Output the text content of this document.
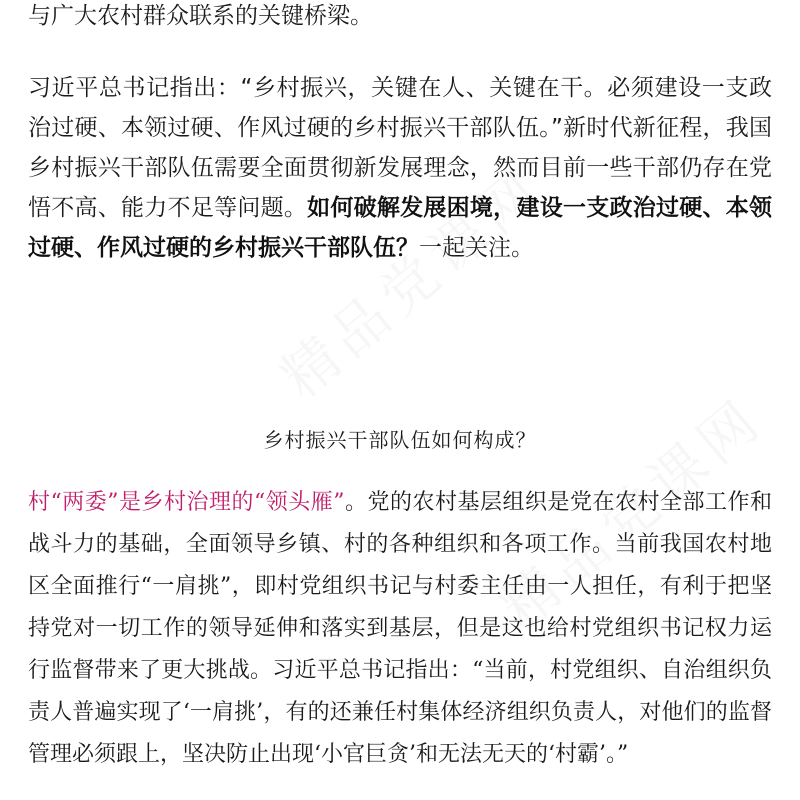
与广大农村群众联系的关键桥梁。

习近平总书记指出：“乡村振兴，关键在人、关键在干。必须建设一支政治过硬、本领过硬、作风过硬的乡村振兴干部队伍。”新时代新征程，我国乡村振兴干部队伍需要全面贯彻新发展理念，然而目前一些干部仍存在党悟不高、能力不足等问题。如何破解发展困境，建设一支政治过硬、本领过硬、作风过硬的乡村振兴干部队伍？一起关注。

乡村振兴干部队伍如何构成？

村“两委”是乡村治理的“领头雁”。党的农村基层组织是党在农村全部工作和战斗力的基础，全面领导乡镇、村的各种组织和各项工作。当前我国农村地区全面推行“一肩挑”，即村党组织书记与村委主任由一人担任，有利于把坚持党对一切工作的领导延伸和落实到基层，但是这也给村党组织书记权力运行监督带来了更大挑战。习近平总书记指出：“当前，村党组织、自治组织负责人普遍实现了‘一肩挑’，有的还兼任村集体经济组织负责人，对他们的监督管理必须跟上，坚决防止出现‘小官巨贪’和无法无天的‘村霸’。”
